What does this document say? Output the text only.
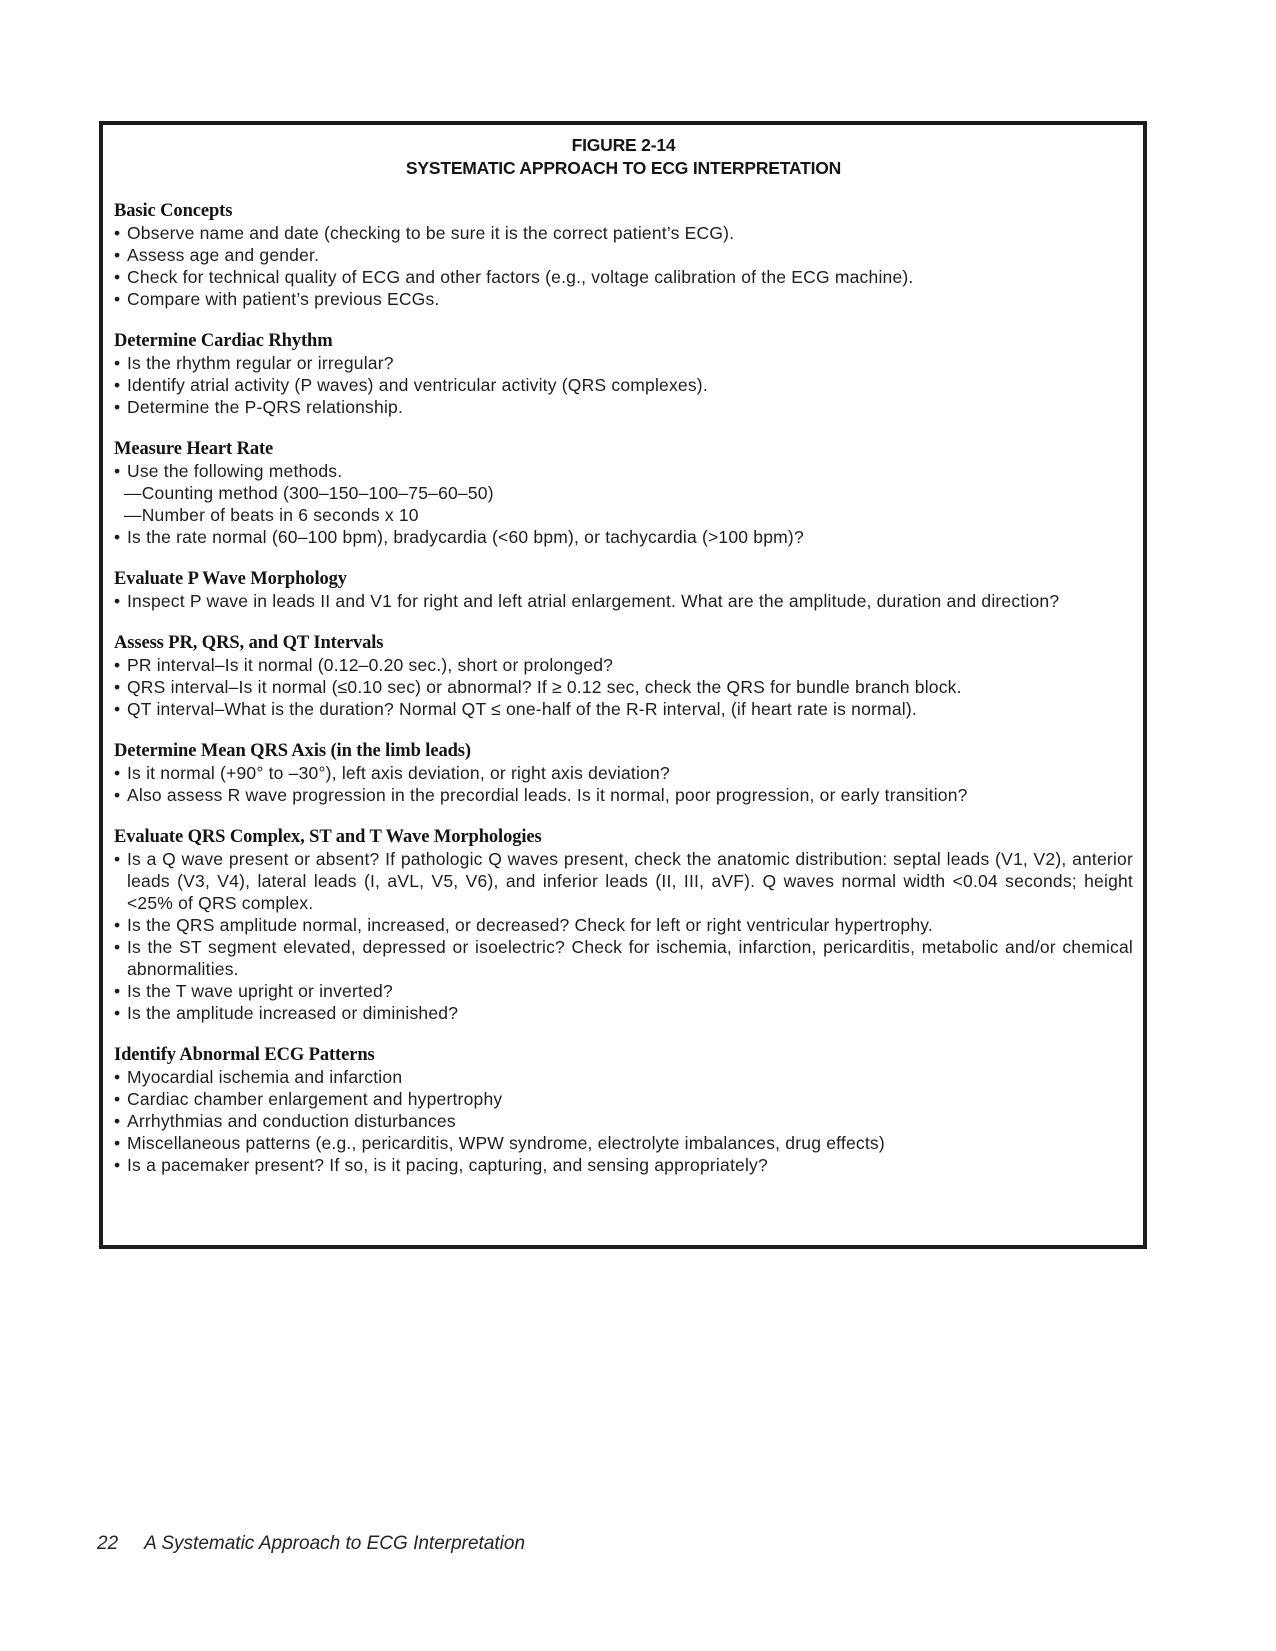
FIGURE 2-14
SYSTEMATIC APPROACH TO ECG INTERPRETATION
Basic Concepts

• Observe name and date (checking to be sure it is the correct patient’s ECG).

• Assess age and gender.

• Check for technical quality of ECG and other factors (e.g., voltage calibration of the ECG machine).

• Compare with patient’s previous ECGs.

Determine Cardiac Rhythm

• Is the rhythm regular or irregular?

• Identify atrial activity (P waves) and ventricular activity (QRS complexes).

• Determine the P-QRS relationship.

Measure Heart Rate

• Use the following methods.

—Counting method (300–150–100–75–60–50)

—Number of beats in 6 seconds x 10

• Is the rate normal (60–100 bpm), bradycardia (<60 bpm), or tachycardia (>100 bpm)?

Evaluate P Wave Morphology

• Inspect P wave in leads II and V1 for right and left atrial enlargement. What are the amplitude, duration and direction?

Assess PR, QRS, and QT Intervals

• PR interval–Is it normal (0.12–0.20 sec.), short or prolonged?

• QRS interval–Is it normal (≤0.10 sec) or abnormal? If ≥ 0.12 sec, check the QRS for bundle branch block.

• QT interval–What is the duration? Normal QT ≤ one-half of the R-R interval, (if heart rate is normal).

Determine Mean QRS Axis (in the limb leads)

• Is it normal (+90° to –30°), left axis deviation, or right axis deviation?

• Also assess R wave progression in the precordial leads. Is it normal, poor progression, or early transition?

Evaluate QRS Complex, ST and T Wave Morphologies

• Is a Q wave present or absent? If pathologic Q waves present, check the anatomic distribution: septal leads (V1, V2), anterior leads (V3, V4), lateral leads (I, aVL, V5, V6), and inferior leads (II, III, aVF). Q waves normal width <0.04 seconds; height <25% of QRS complex.

• Is the QRS amplitude normal, increased, or decreased? Check for left or right ventricular hypertrophy.

• Is the ST segment elevated, depressed or isoelectric? Check for ischemia, infarction, pericarditis, metabolic and/or chemical abnormalities.

• Is the T wave upright or inverted?

• Is the amplitude increased or diminished?

Identify Abnormal ECG Patterns

• Myocardial ischemia and infarction

• Cardiac chamber enlargement and hypertrophy

• Arrhythmias and conduction disturbances

• Miscellaneous patterns (e.g., pericarditis, WPW syndrome, electrolyte imbalances, drug effects)

• Is a pacemaker present? If so, is it pacing, capturing, and sensing appropriately?

22 A Systematic Approach to ECG Interpretation
